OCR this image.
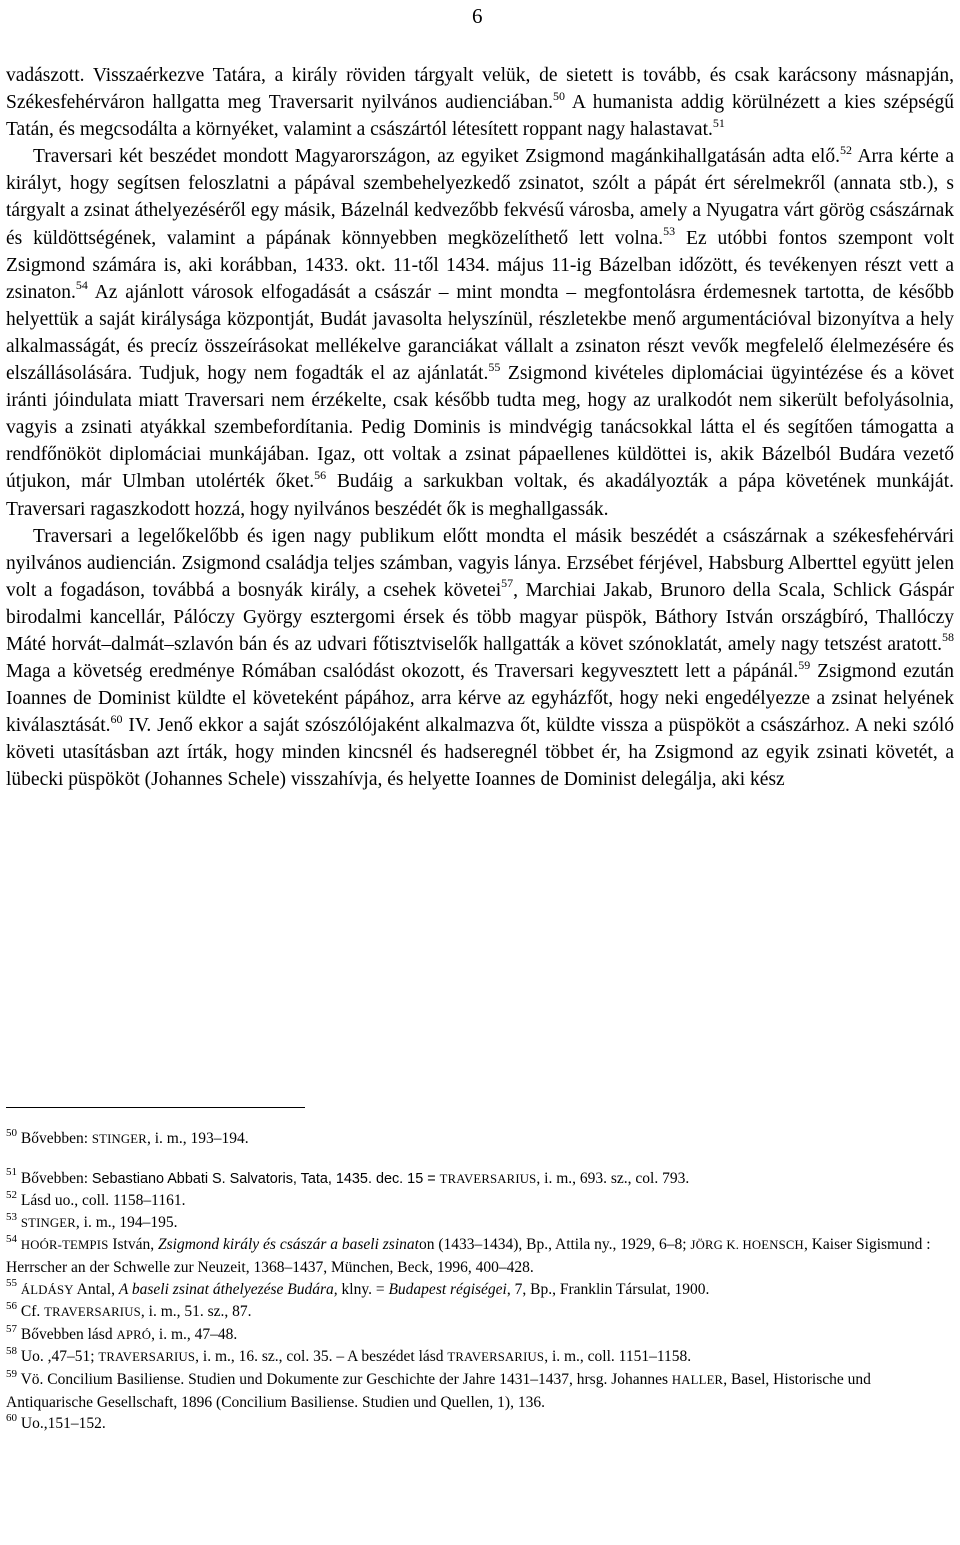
6

vadászott. Visszaérkezve Tatára, a király röviden tárgyalt velük, de sietett is tovább, és csak karácsony másnapján, Székesfehérváron hallgatta meg Traversarit nyilvános audienciában.$^{50}$ A humanista addig körülnézett a kies szépségű Tatán, és megcsodálta a környéket, valamint a császártól létesített roppant nagy halastavat.$^{51}$

Traversari két beszédet mondott Magyarországon, az egyiket Zsigmond magánkihallgatásán adta elő.$^{52}$ Arra kérte a királyt, hogy segítsen feloszlatni a pápával szembehelyezkedő zsinatot, szólt a pápát ért sérelmekről (annata stb.), s tárgyalt a zsinat áthelyezéséről egy másik, Bázelnál kedvezőbb fekvésű városba, amely a Nyugatra várt görög császárnak és küldöttségének, valamint a pápának könnyebben megközelíthető lett volna.$^{53}$ Ez utóbbi fontos szempont volt Zsigmond számára is, aki korábban, 1433. okt. 11-től 1434. május 11-ig Bázelban időzött, és tevékenyen részt vett a zsinaton.$^{54}$ Az ajánlott városok elfogadását a császár – mint mondta – megfontolásra érdemesnek tartotta, de később helyettük a saját királysága központját, Budát javasolta helyszínül, részletekbe menő argumentációval bizonyítva a hely alkalmasságát, és precíz összeírásokat mellékelve garanciákat vállalt a zsinaton részt vevők megfelelő élelmezésére és elszállásolására. Tudjuk, hogy nem fogadták el az ajánlatát.$^{55}$ Zsigmond kivételes diplomáciai ügyintézése és a követ iránti jóindulata miatt Traversari nem érzékelte, csak később tudta meg, hogy az uralkodót nem sikerült befolyásolnia, vagyis a zsinati atyákkal szembefordítania. Pedig Dominis is mindvégig tanácsokkal látta el és segítően támogatta a rendfőnököt diplomáciai munkájában. Igaz, ott voltak a zsinat pápaellenes küldöttei is, akik Bázelból Budára vezető útjukon, már Ulmban utolérték őket.$^{56}$ Budáig a sarkukban voltak, és akadályozták a pápa követének munkáját. Traversari ragaszkodott hozzá, hogy nyilvános beszédét ők is meghallgassák.

Traversari a legelőkelőbb és igen nagy publikum előtt mondta el másik beszédét a császárnak a székesfehérvári nyilvános audiencián. Zsigmond családja teljes számban, vagyis lánya. Erzsébet férjével, Habsburg Alberttel együtt jelen volt a fogadáson, továbbá a bosnyák király, a csehek követei$^{57}$, Marchiai Jakab, Brunoro della Scala, Schlick Gáspár birodalmi kancellár, Pálóczy György esztergomi érsek és több magyar püspök, Báthory István országbíró, Thallóczy Máté horvát–dalmát–szlavón bán és az udvari főtisztviselők hallgatták a követ szónoklatát, amely nagy tetszést aratott.$^{58}$ Maga a követség eredménye Rómában csalódást okozott, és Traversari kegyvesztett lett a pápánál.$^{59}$ Zsigmond ezután Ioannes de Dominist küldte el követeként pápához, arra kérve az egyházfőt, hogy neki engedélyezze a zsinat helyének kiválasztását.$^{60}$ IV. Jenő ekkor a saját szószólójaként alkalmazva őt, küldte vissza a püspököt a császárhoz. A neki szóló követi utasításban azt írták, hogy minden kincsnél és hadseregnél többet ér, ha Zsigmond az egyik zsinati követét, a lübecki püspököt (Johannes Schele) visszahívja, és helyette Ioannes de Dominist delegálja, aki kész

$^{50}$ Bővebben: STINGER, i. m., 193–194.

$^{51}$ Bővebben: Sebastiano Abbati S. Salvatoris, Tata, 1435. dec. 15 = TRAVERSARIUS, i. m., 693. sz., col. 793.

$^{52}$ Lásd uo., coll. 1158–1161.

$^{53}$ STINGER, i. m., 194–195.

$^{54}$ HOÓR-TEMPIS István, Zsigmond király és császár a baseli zsinaton (1433–1434), Bp., Attila ny., 1929, 6–8; JÖRG K. HOENSCH, Kaiser Sigismund : Herrscher an der Schwelle zur Neuzeit, 1368–1437, München, Beck, 1996, 400–428.

$^{55}$ ÁLDÁSY Antal, A baseli zsinat áthelyezése Budára, klny. = Budapest régiségei, 7, Bp., Franklin Társulat, 1900.

$^{56}$ Cf. TRAVERSARIUS, i. m., 51. sz., 87.

$^{57}$ Bővebben lásd APRÓ, i. m., 47–48.

$^{58}$ Uo. ,47–51; TRAVERSARIUS, i. m., 16. sz., col. 35. – A beszédet lásd TRAVERSARIUS, i. m., coll. 1151–1158.

$^{59}$ Vö. Concilium Basiliense. Studien und Dokumente zur Geschichte der Jahre 1431–1437, hrsg. Johannes HALLER, Basel, Historische und Antiquarische Gesellschaft, 1896 (Concilium Basiliense. Studien und Quellen, 1), 136.

$^{60}$ Uo.,151–152.
